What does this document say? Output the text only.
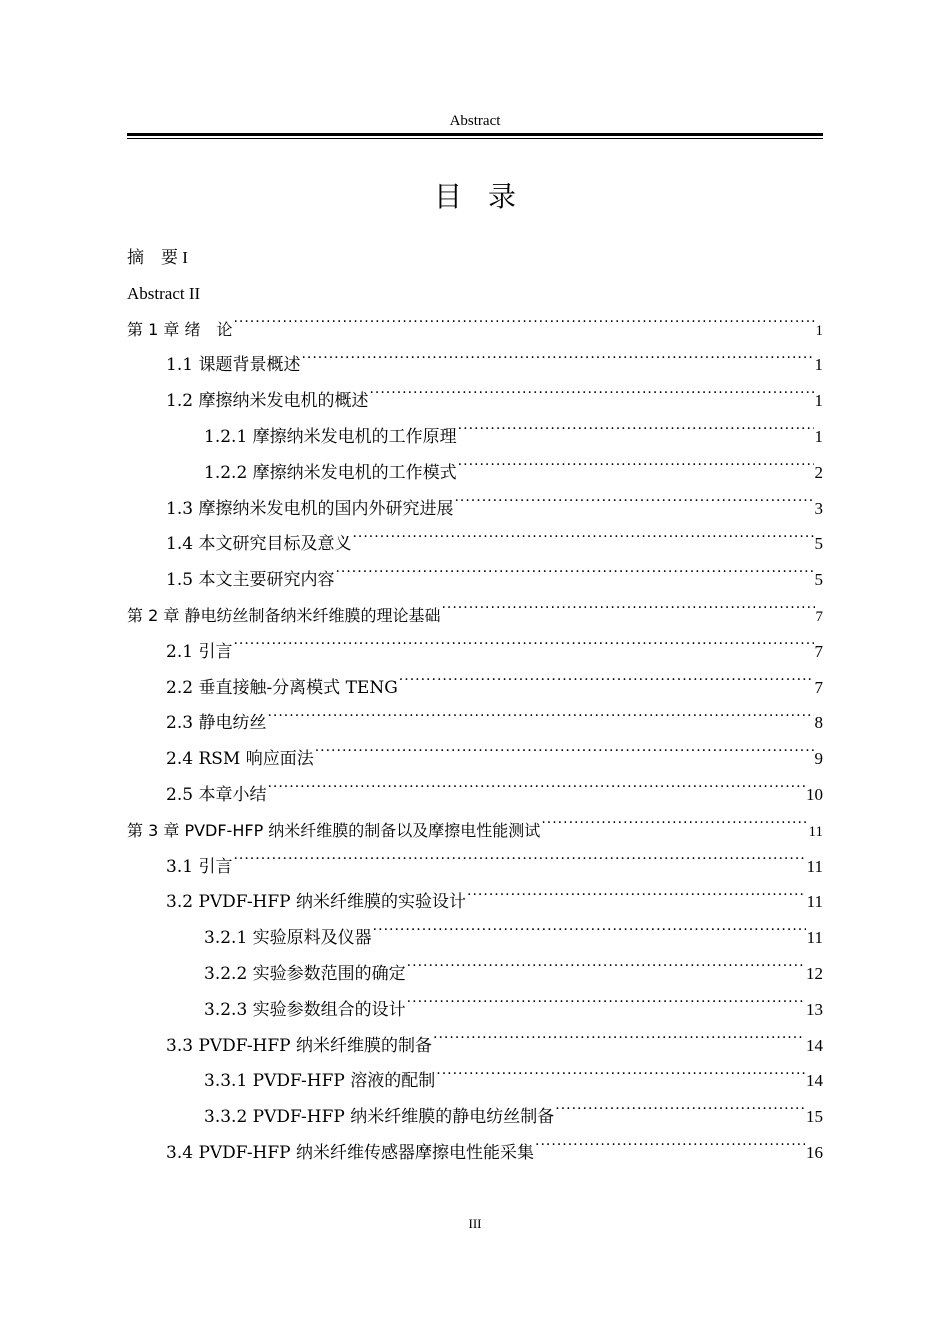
Abstract
目录
摘　要 I
Abstract II
第 1 章 绪　论 .....	1
1.1 课题背景概述 .....	1
1.2 摩擦纳米发电机的概述 .....	1
1.2.1 摩擦纳米发电机的工作原理 .....	1
1.2.2 摩擦纳米发电机的工作模式 .....	2
1.3 摩擦纳米发电机的国内外研究进展 .....	3
1.4 本文研究目标及意义 .....	5
1.5 本文主要研究内容 .....	5
第 2 章 静电纺丝制备纳米纤维膜的理论基础 .....	7
2.1 引言 .....	7
2.2 垂直接触-分离模式 TENG .....	7
2.3 静电纺丝 .....	8
2.4 RSM 响应面法 .....	9
2.5 本章小结 .....	10
第 3 章 PVDF-HFP 纳米纤维膜的制备以及摩擦电性能测试 .....	11
3.1 引言 .....	11
3.2 PVDF-HFP 纳米纤维膜的实验设计 .....	11
3.2.1 实验原料及仪器 .....	11
3.2.2 实验参数范围的确定 .....	12
3.2.3 实验参数组合的设计 .....	13
3.3 PVDF-HFP 纳米纤维膜的制备 .....	14
3.3.1 PVDF-HFP 溶液的配制 .....	14
3.3.2 PVDF-HFP 纳米纤维膜的静电纺丝制备 .....	15
3.4 PVDF-HFP 纳米纤维传感器摩擦电性能采集 .....	16
III
